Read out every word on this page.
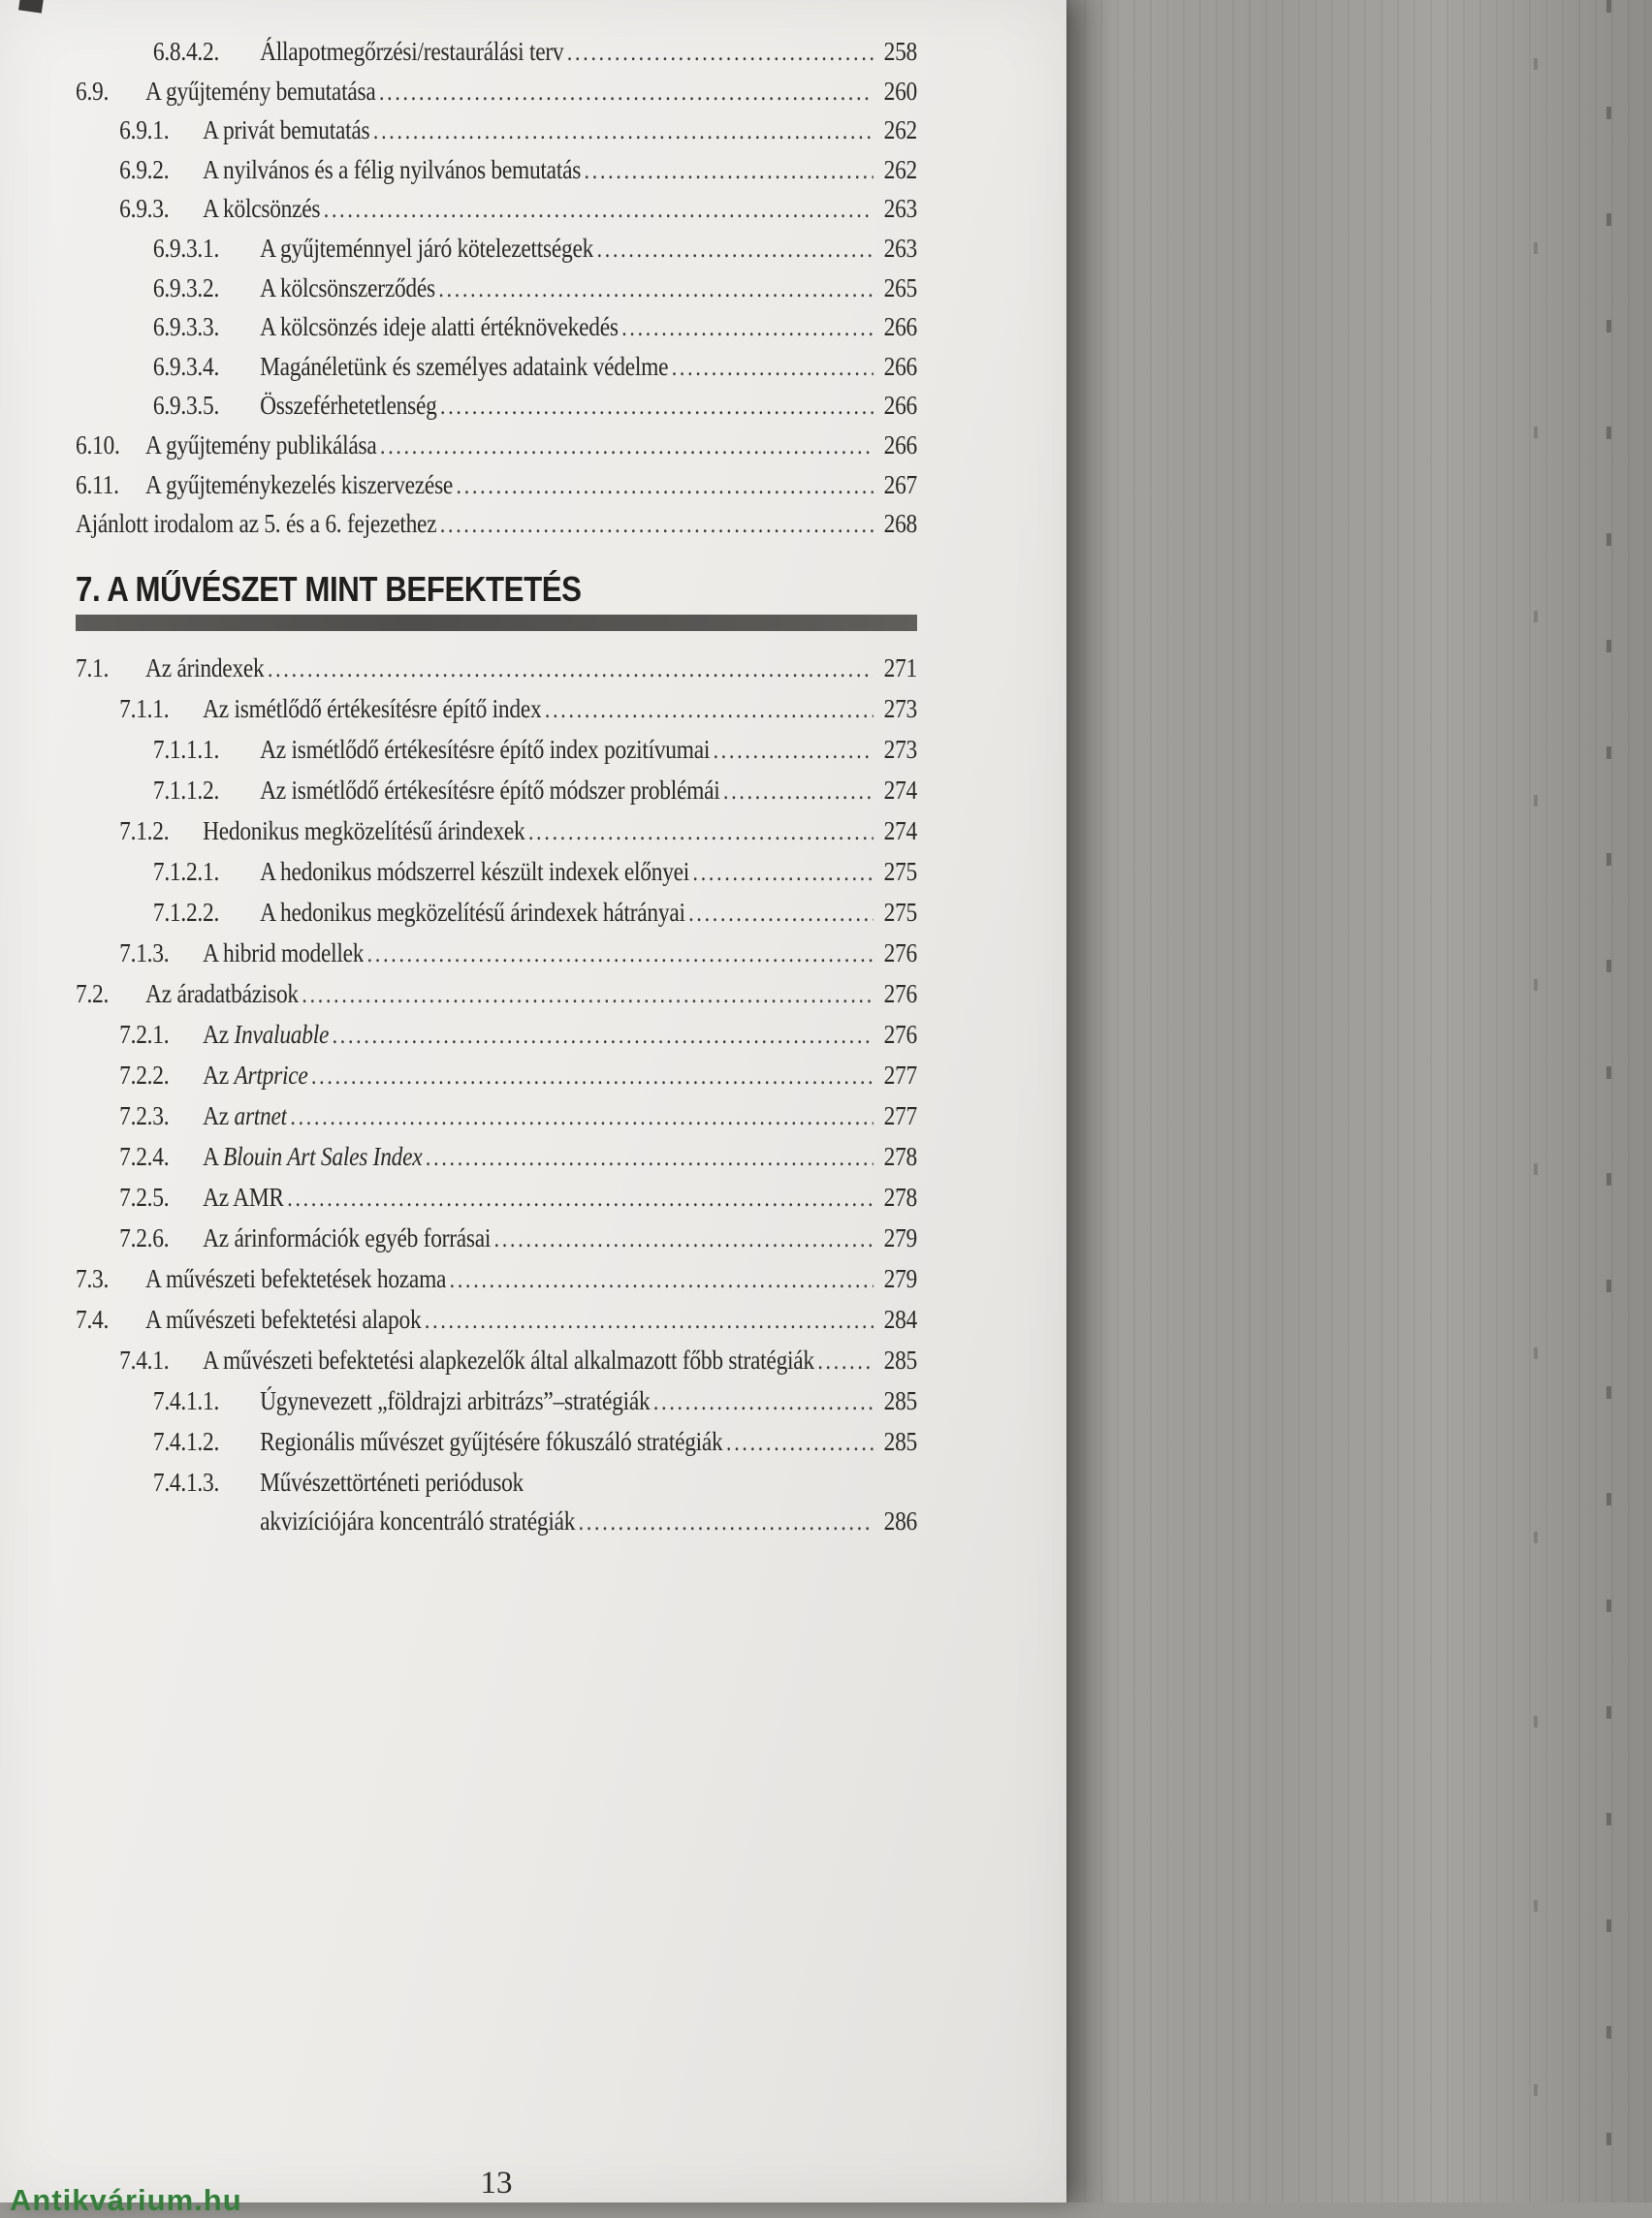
6.8.4.2.	Állapotmegőrzési/restaurálási terv .....	258
6.9.	A gyűjtemény bemutatása .....	260
6.9.1.	A privát bemutatás .....	262
6.9.2.	A nyilvános és a félig nyilvános bemutatás .....	262
6.9.3.	A kölcsönzés .....	263
6.9.3.1.	A gyűjteménnyel járó kötelezettségek .....	263
6.9.3.2.	A kölcsönszerződés .....	265
6.9.3.3.	A kölcsönzés ideje alatti értéknövekedés .....	266
6.9.3.4.	Magánéletünk és személyes adataink védelme .....	266
6.9.3.5.	Összeférhetetlenség .....	266
6.10. A gyűjtemény publikálása .....	266
6.11.	A gyűjteménykezelés kiszervezése .....	267
Ajánlott irodalom az 5. és a 6. fejezethez .....	268
7. A MŰVÉSZET MINT BEFEKTETÉS
7.1.	Az árindexek .....	271
7.1.1.	Az ismétlődő értékesítésre építő index .....	273
7.1.1.1.	Az ismétlődő értékesítésre építő index pozitívumai .....	273
7.1.1.2.	Az ismétlődő értékesítésre építő módszer problémái .....	274
7.1.2.	Hedonikus megközelítésű árindexek .....	274
7.1.2.1.	A hedonikus módszerrel készült indexek előnyei .....	275
7.1.2.2.	A hedonikus megközelítésű árindexek hátrányai .....	275
7.1.3.	A hibrid modellek .....	276
7.2.	Az áradatbázisok .....	276
7.2.1.	Az Invaluable .....	276
7.2.2.	Az Artprice .....	277
7.2.3.	Az artnet .....	277
7.2.4.	A Blouin Art Sales Index .....	278
7.2.5.	Az AMR .....	278
7.2.6.	Az árinformációk egyéb forrásai .....	279
7.3.	A művészeti befektetések hozama .....	279
7.4.	A művészeti befektetési alapok .....	284
7.4.1.	A művészeti befektetési alapkezelők által alkalmazott főbb stratégiák .....	285
7.4.1.1.	Úgynevezett „földrajzi arbitrázs”–stratégiák .....	285
7.4.1.2.	Regionális művészet gyűjtésére fókuszáló stratégiák .....	285
7.4.1.3.	Művészettörténeti periódusok
akvizíciójára koncentráló stratégiák .....	286
13
Antikvárium.hu
